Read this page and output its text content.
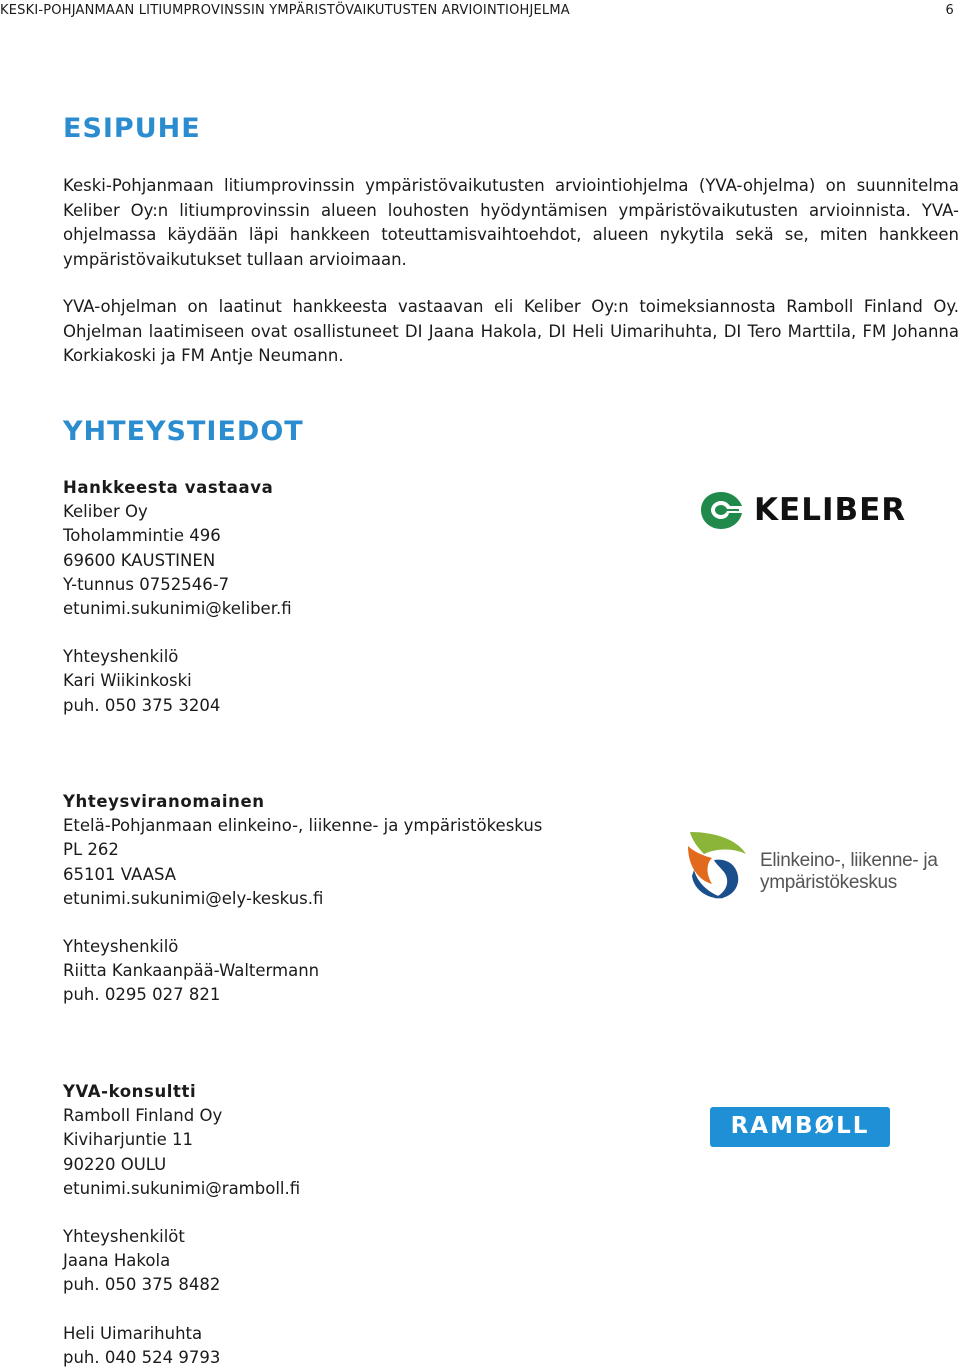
KESKI-POHJANMAAN LITIUMPROVINSSIN YMPÄRISTÖVAIKUTUSTEN ARVIOINTIOHJELMA	6
ESIPUHE

Keski-Pohjanmaan litiumprovinssin ympäristövaikutusten arviointiohjelma (YVA-ohjelma) on suunnitelma Keliber Oy:n litiumprovinssin alueen louhosten hyödyntämisen ympäristövaikutusten arvioinnista. YVA-ohjelmassa käydään läpi hankkeen toteuttamisvaihtoehdot, alueen nykytila sekä se, miten hankkeen ympäristövaikutukset tullaan arvioimaan.

YVA-ohjelman on laatinut hankkeesta vastaavan eli Keliber Oy:n toimeksiannosta Ramboll Finland Oy. Ohjelman laatimiseen ovat osallistuneet DI Jaana Hakola, DI Heli Uimarihuhta, DI Tero Marttila, FM Johanna Korkiakoski ja FM Antje Neumann.

YHTEYSTIEDOT
Hankkeesta vastaava
Keliber Oy
Toholammintie 496
69600 KAUSTINEN
Y-tunnus 0752546-7
etunimi.sukunimi@keliber.fi
Yhteyshenkilö
Kari Wiikinkoski
puh. 050 375 3204
KELIBER
Yhteysviranomainen
Etelä-Pohjanmaan elinkeino-, liikenne- ja ympäristökeskus
PL 262
65101 VAASA
etunimi.sukunimi@ely-keskus.fi
Yhteyshenkilö
Riitta Kankaanpää-Waltermann
puh. 0295 027 821
Elinkeino-, liikenne- ja
ympäristökeskus
YVA-konsultti
Ramboll Finland Oy
Kiviharjuntie 11
90220 OULU
etunimi.sukunimi@ramboll.fi
Yhteyshenkilöt
Jaana Hakola
puh. 050 375 8482
Heli Uimarihuhta
puh. 040 524 9793
RAMBØLL
